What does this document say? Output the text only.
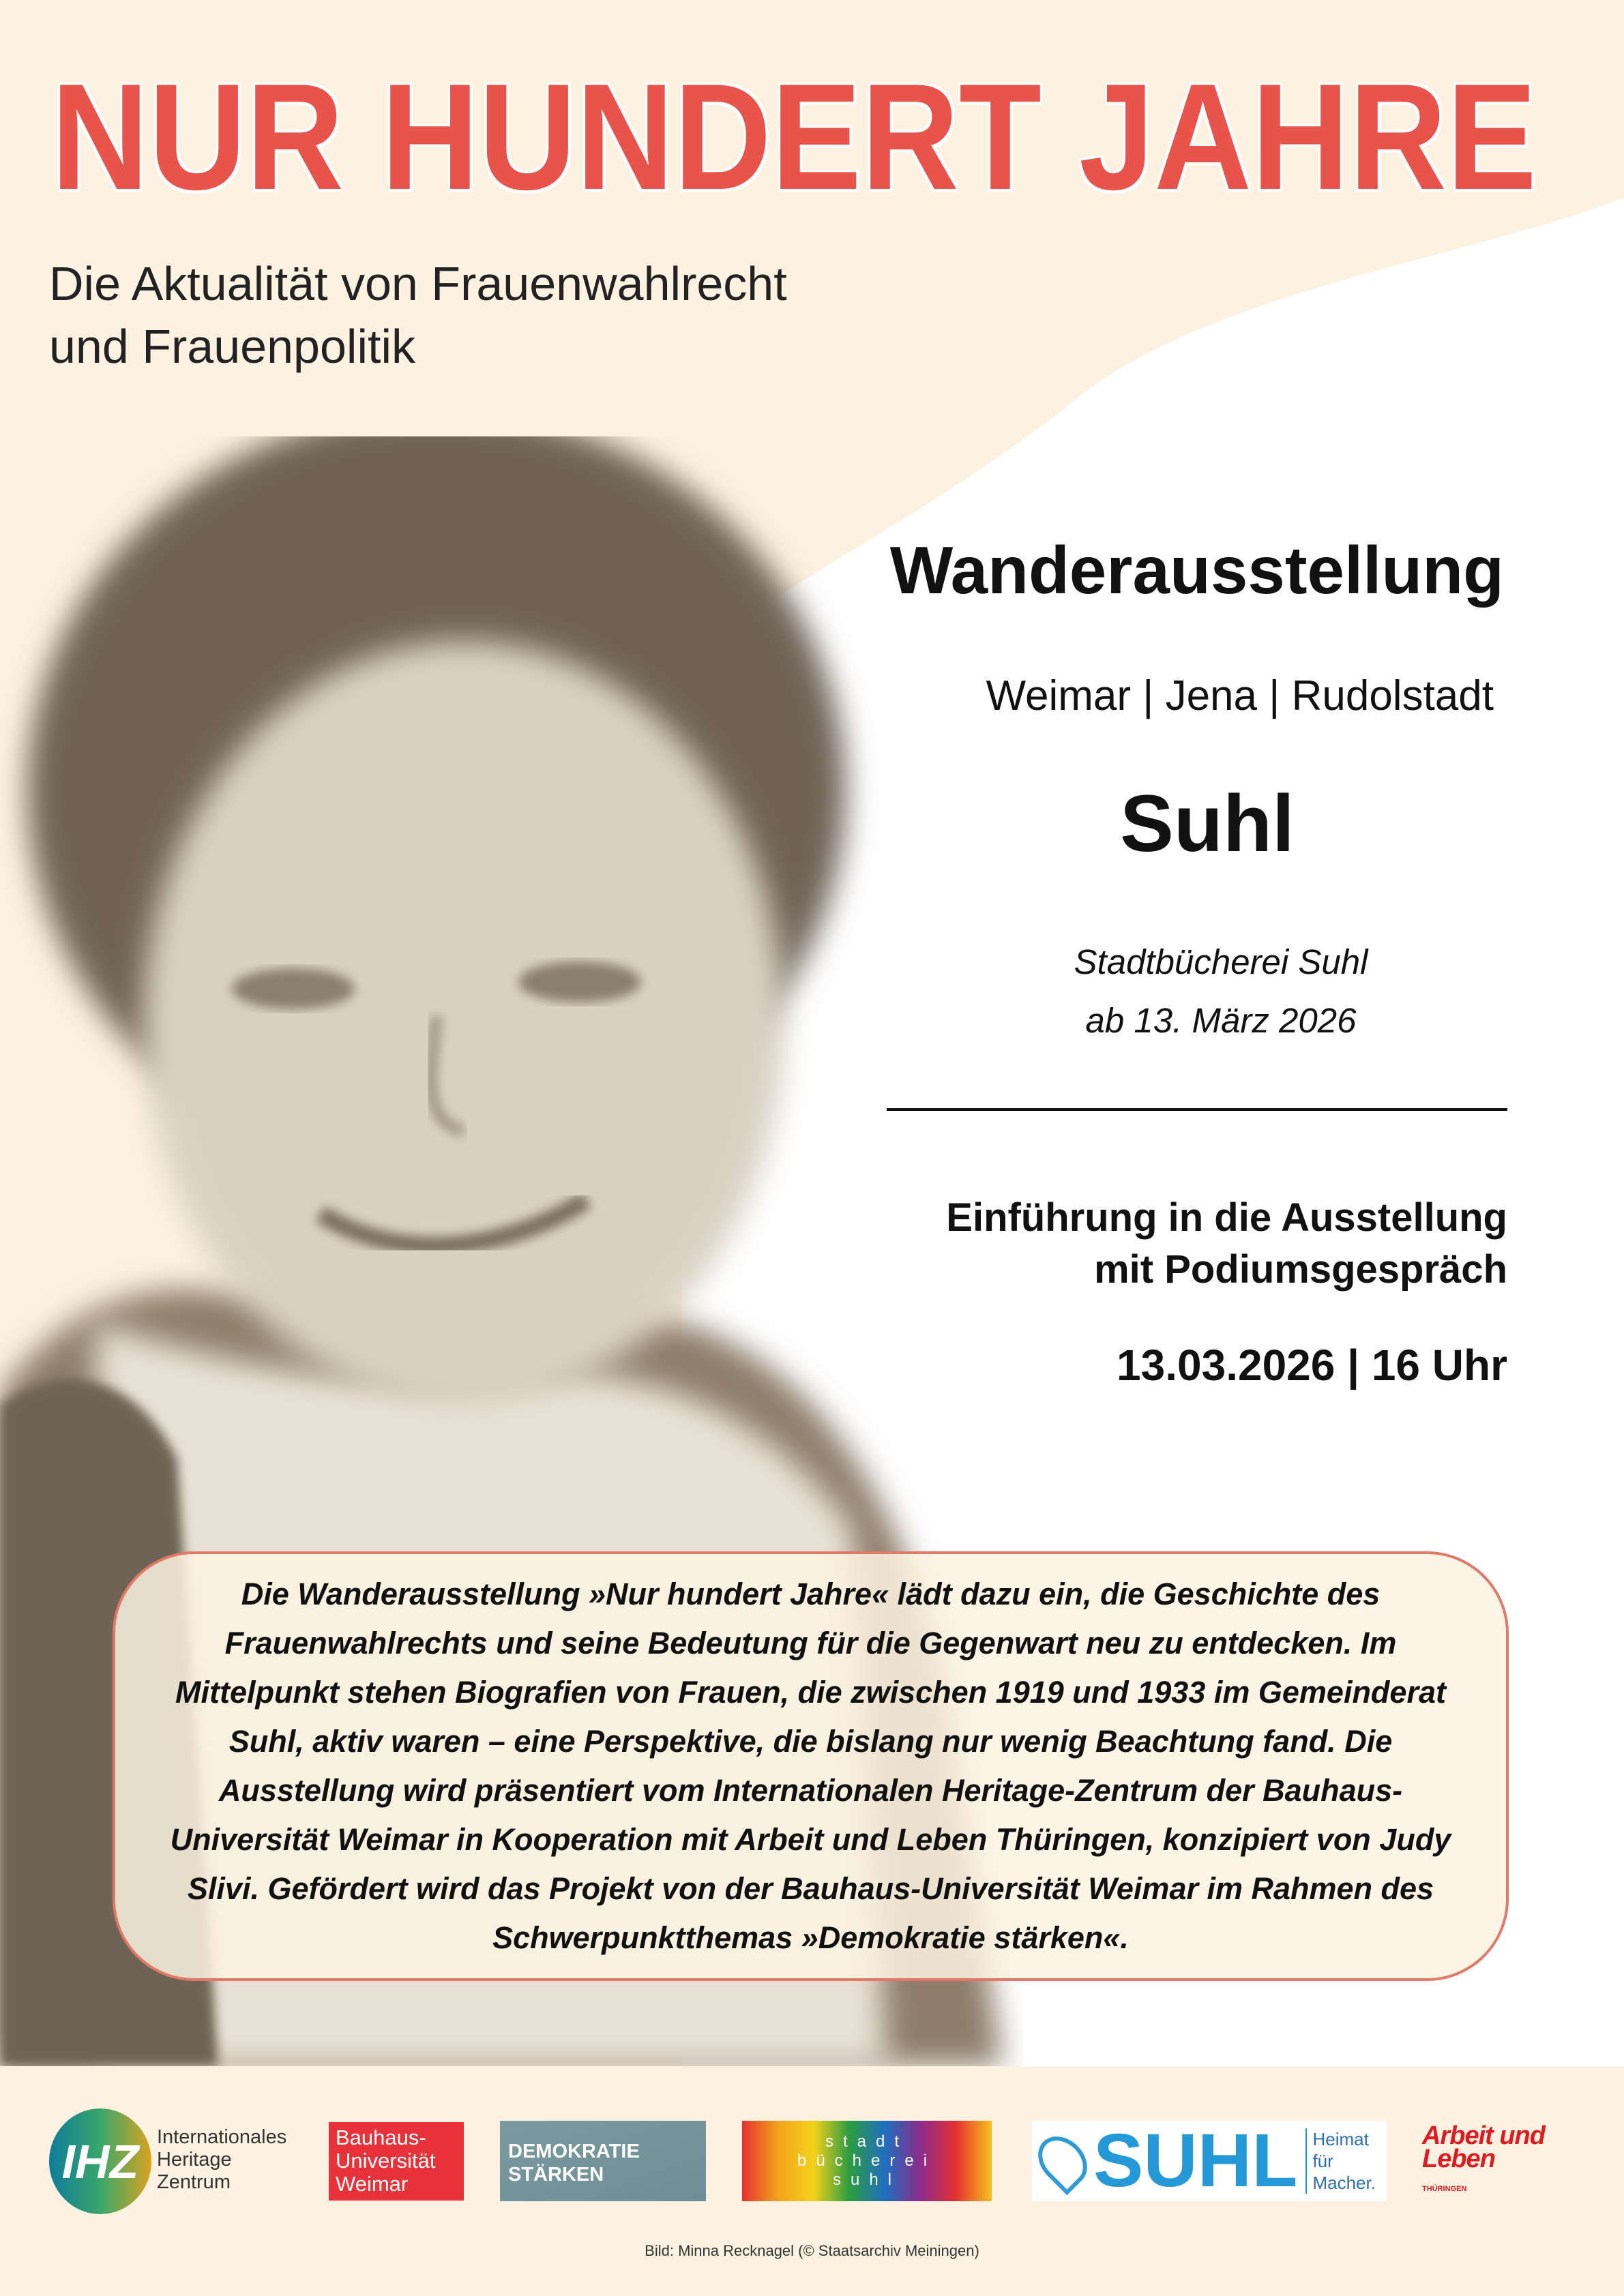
NUR HUNDERT JAHRE
Die Aktualität von Frauenwahlrecht
und Frauenpolitik
Wanderausstellung
Weimar | Jena | Rudolstadt
Suhl
Stadtbücherei Suhl
ab 13. März 2026
Einführung in die Ausstellung
mit Podiumsgespräch
13.03.2026 | 16 Uhr

Die Wanderausstellung »Nur hundert Jahre« lädt dazu ein, die Geschichte des Frauenwahlrechts und seine Bedeutung für die Gegenwart neu zu entdecken. Im Mittelpunkt stehen Biografien von Frauen, die zwischen 1919 und 1933 im Gemeinderat Suhl, aktiv waren – eine Perspektive, die bislang nur wenig Beachtung fand. Die Ausstellung wird präsentiert vom Internationalen Heritage-Zentrum der Bauhaus-Universität Weimar in Kooperation mit Arbeit und Leben Thüringen, konzipiert von Judy Slivi. Gefördert wird das Projekt von der Bauhaus-Universität Weimar im Rahmen des Schwerpunktthemas »Demokratie stärken«.

IHZ Internationales
Heritage
Zentrum
Bauhaus-
Universität
Weimar
DEMOKRATIE
STÄRKEN
stadt
bücherei
suhl	SUHL Heimat
für
Macher.
Arbeit und
Leben
THÜRINGEN
Bild: Minna Recknagel (© Staatsarchiv Meiningen)
